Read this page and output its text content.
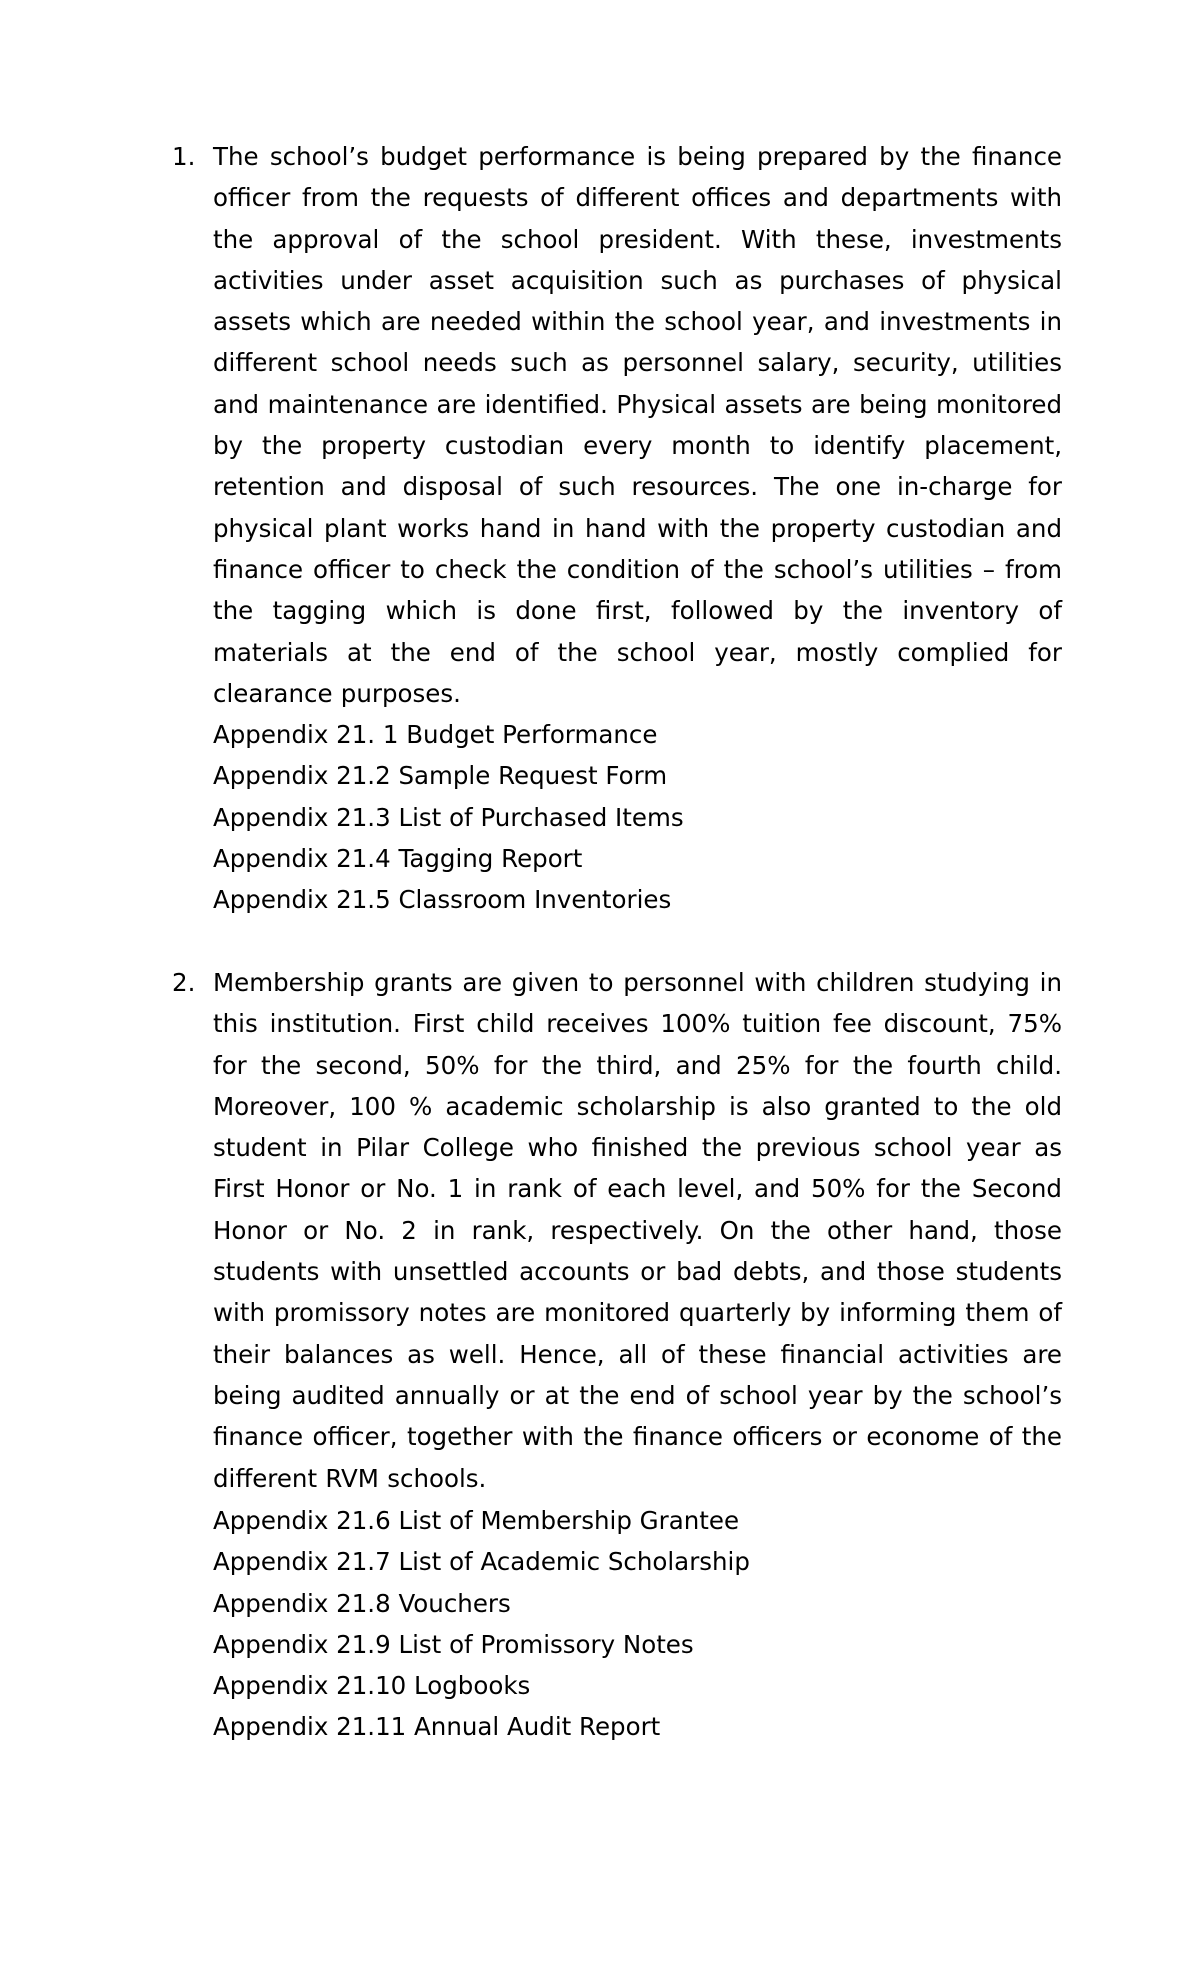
1. The school’s budget performance is being prepared by the finance officer from the requests of different offices and departments with the approval of the school president. With these, investments activities under asset acquisition such as purchases of physical assets which are needed within the school year, and investments in different school needs such as personnel salary, security, utilities and maintenance are identified. Physical assets are being monitored by the property custodian every month to identify placement, retention and disposal of such resources. The one in-charge for physical plant works hand in hand with the property custodian and finance officer to check the condition of the school’s utilities – from the tagging which is done first, followed by the inventory of materials at the end of the school year, mostly complied for clearance purposes.

Appendix 21. 1 Budget Performance
Appendix 21.2 Sample Request Form
Appendix 21.3 List of Purchased Items
Appendix 21.4 Tagging Report
Appendix 21.5 Classroom Inventories
2. Membership grants are given to personnel with children studying in this institution. First child receives 100% tuition fee discount, 75% for the second, 50% for the third, and 25% for the fourth child. Moreover, 100 % academic scholarship is also granted to the old student in Pilar College who finished the previous school year as First Honor or No. 1 in rank of each level, and 50% for the Second Honor or No. 2 in rank, respectively. On the other hand, those students with unsettled accounts or bad debts, and those students with promissory notes are monitored quarterly by informing them of their balances as well. Hence, all of these financial activities are being audited annually or at the end of school year by the school’s finance officer, together with the finance officers or econome of the different RVM schools.

Appendix 21.6 List of Membership Grantee
Appendix 21.7 List of Academic Scholarship
Appendix 21.8 Vouchers
Appendix 21.9 List of Promissory Notes
Appendix 21.10 Logbooks
Appendix 21.11 Annual Audit Report
